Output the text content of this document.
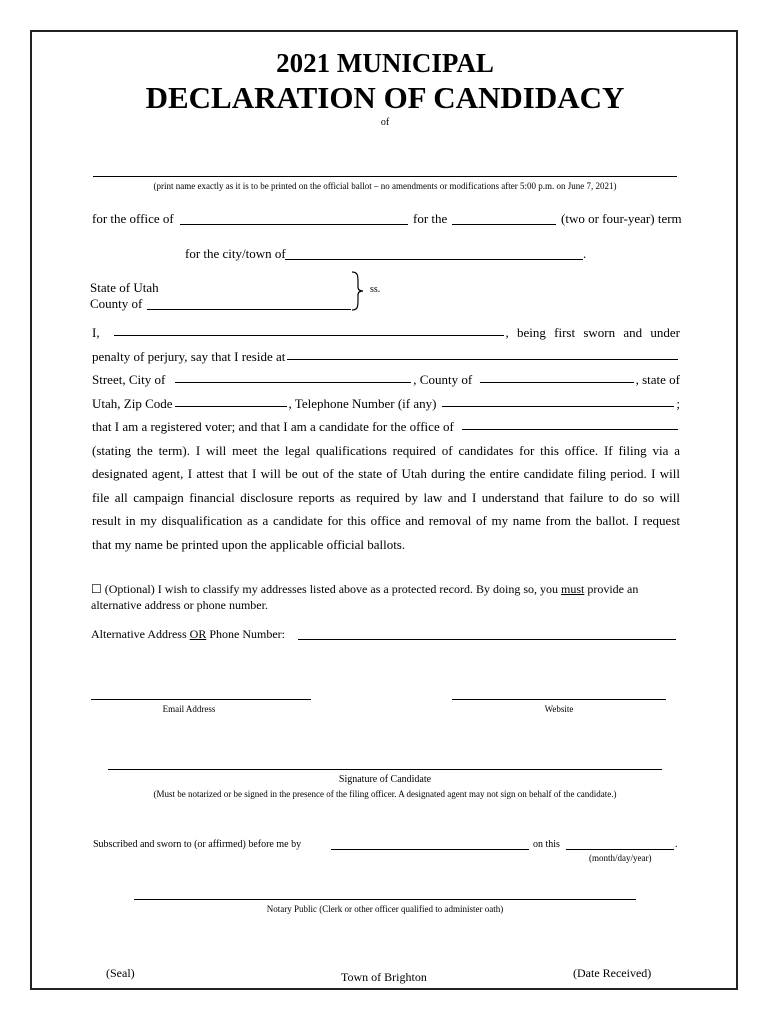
2021 MUNICIPAL
DECLARATION OF CANDIDACY
of
(print name exactly as it is to be printed on the official ballot – no amendments or modifications after 5:00 p.m. on June 7, 2021)
for the office of	for the	(two or four-year) term
for the city/town of	.
State of Utah
County of
ss.
I,	, being first sworn and under
penalty of perjury, say that I reside at
Street, City of	, County of	, state of
Utah, Zip Code	, Telephone Number (if any)	;
that I am a registered voter; and that I am a candidate for the office of
(stating the term). I will meet the legal qualifications required of candidates for this office. If filing via a
designated agent, I attest that I will be out of the state of Utah during the entire candidate filing period. I will
file all campaign financial disclosure reports as required by law and I understand that failure to do so will
result in my disqualification as a candidate for this office and removal of my name from the ballot. I request
that my name be printed upon the applicable official ballots.
☐ (Optional) I wish to classify my addresses listed above as a protected record. By doing so, you must provide an
alternative address or phone number.
Alternative Address OR Phone Number:
Email Address	Website
Signature of Candidate
(Must be notarized or be signed in the presence of the filing officer. A designated agent may not sign on behalf of the candidate.)
Subscribed and sworn to (or affirmed) before me by	on this	.
(month/day/year)
Notary Public (Clerk or other officer qualified to administer oath)
(Seal)	Town of Brighton	(Date Received)
